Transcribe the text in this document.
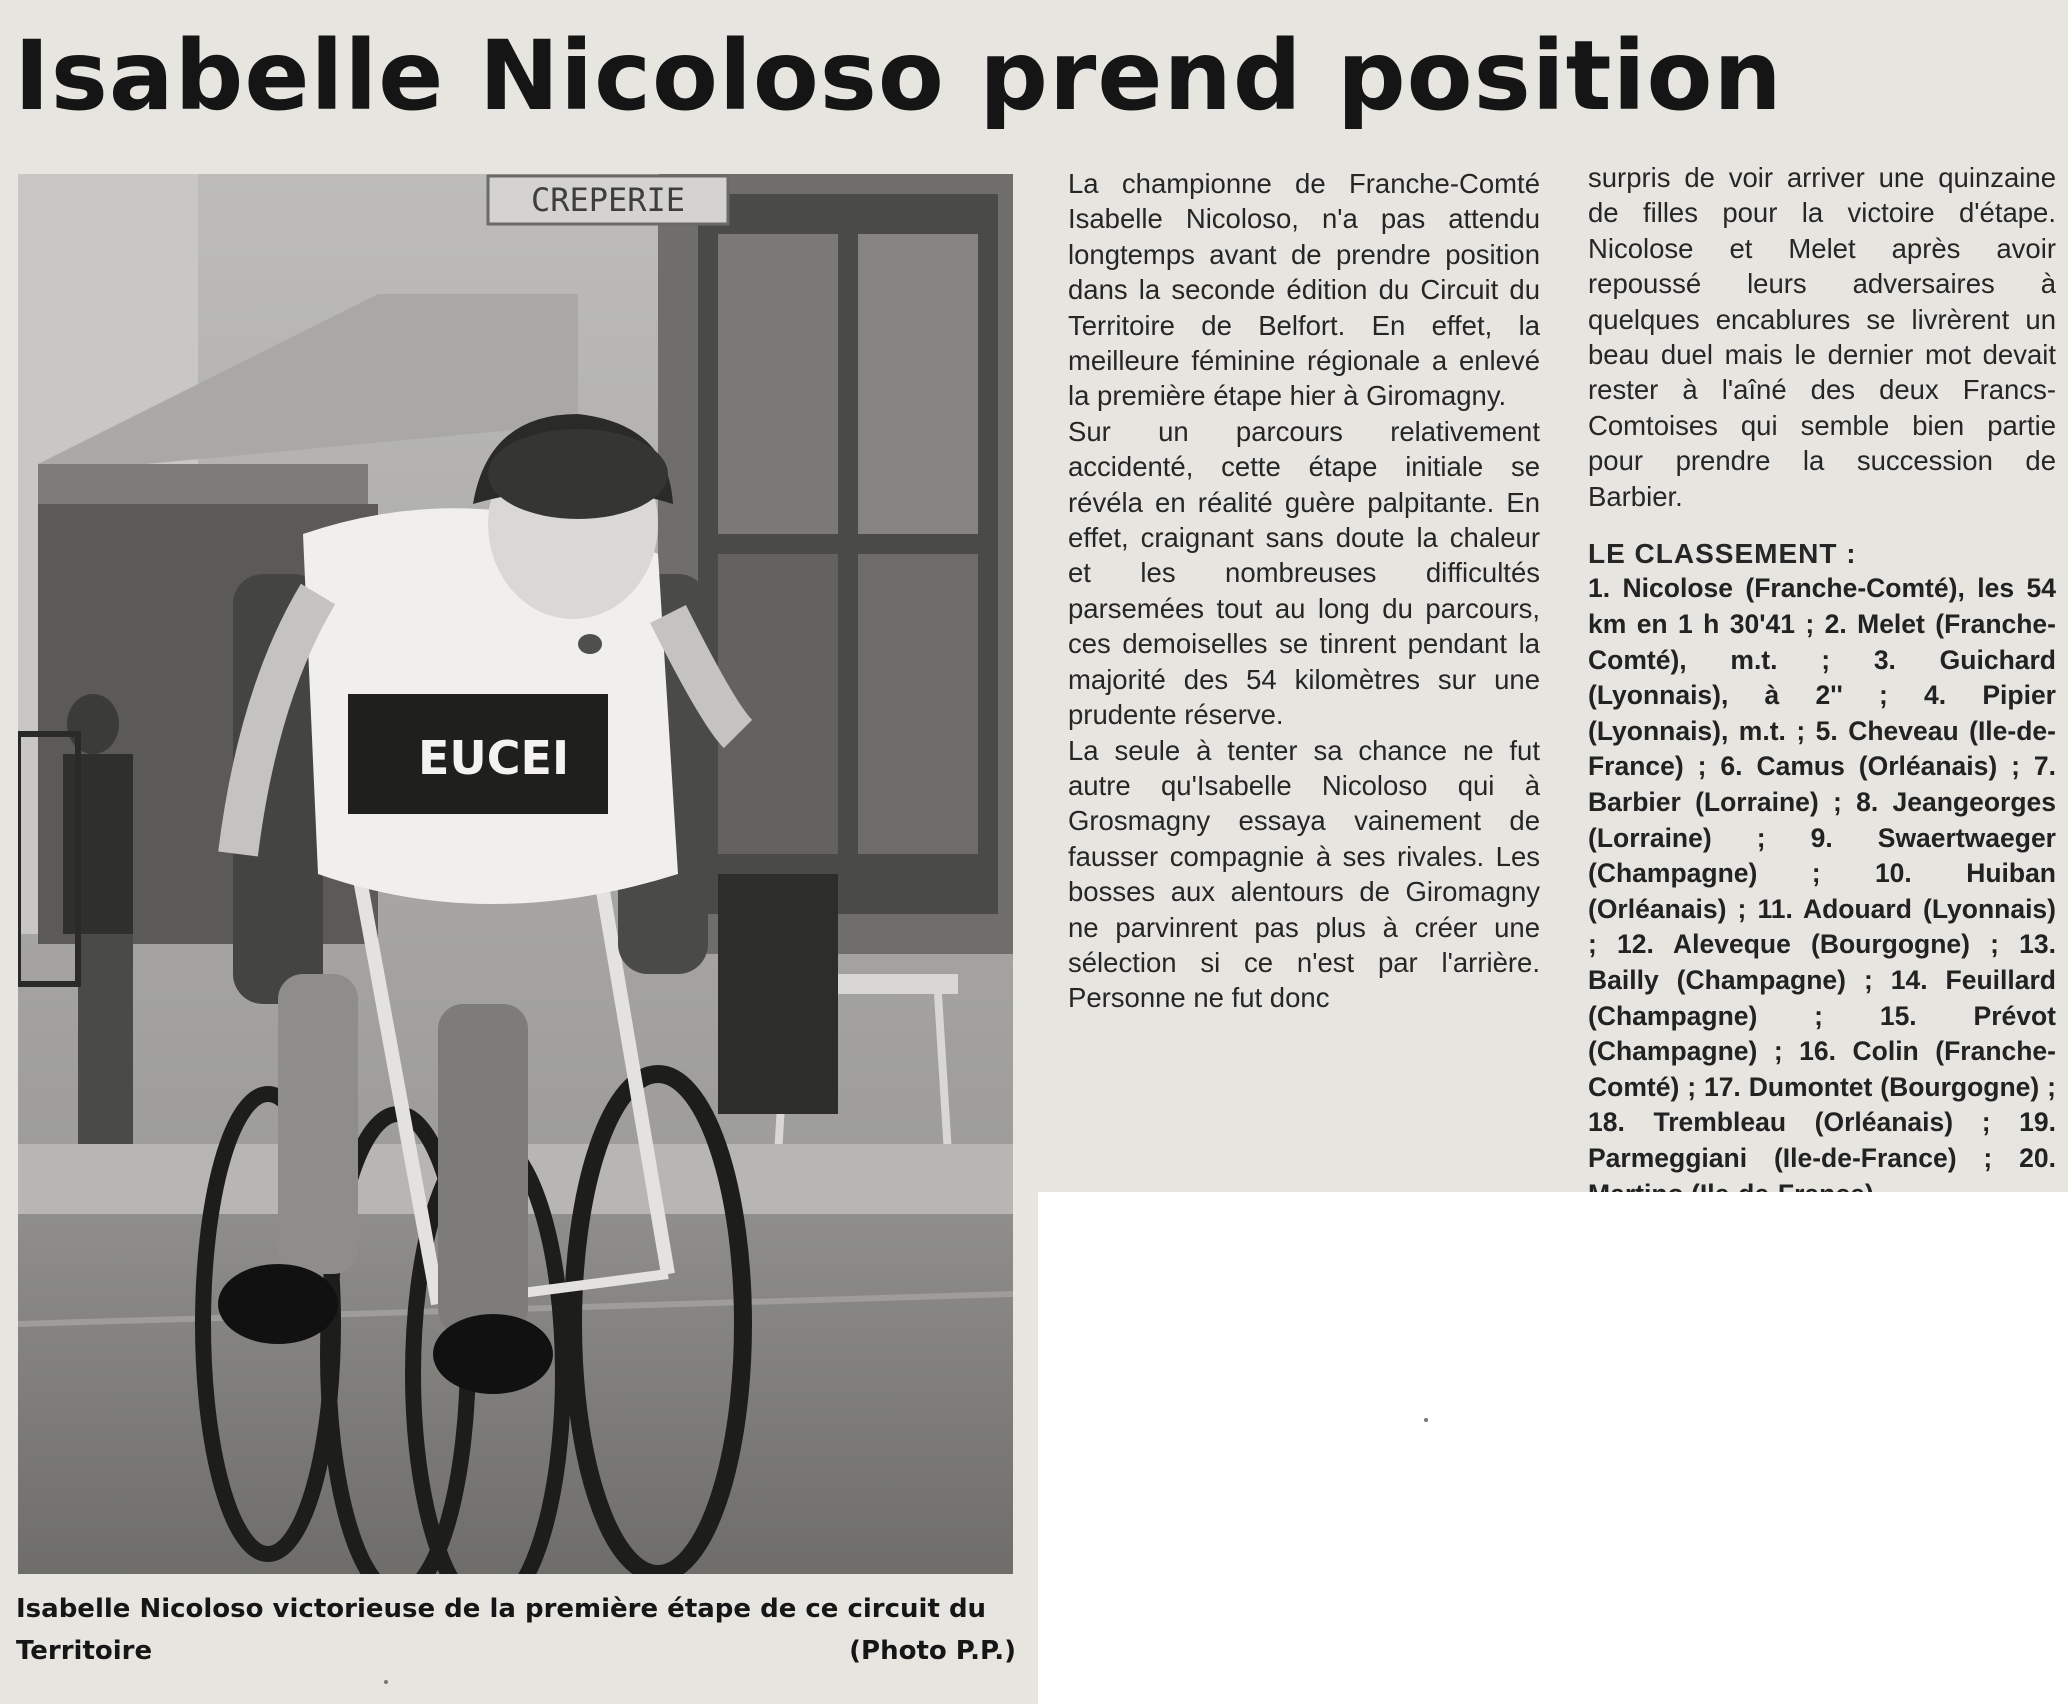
Isabelle Nicoloso prend position
CREPERIE
EUCEI
Isabelle Nicoloso victorieuse de la première étape de ce circuit du
Territoire	(Photo P.P.)

La championne de Franche-Comté Isabelle Nicoloso, n'a pas attendu longtemps avant de prendre position dans la seconde édition du Circuit du Territoire de Belfort. En effet, la meilleure féminine régionale a enlevé la première étape hier à Giromagny.

Sur un parcours relativement accidenté, cette étape initiale se révéla en réalité guère palpitante. En effet, craignant sans doute la chaleur et les nombreuses difficultés parsemées tout au long du parcours, ces demoiselles se tinrent pendant la majorité des 54 kilomètres sur une prudente réserve.

La seule à tenter sa chance ne fut autre qu'Isabelle Nicoloso qui à Grosmagny essaya vainement de fausser compagnie à ses rivales. Les bosses aux alentours de Giromagny ne parvinrent pas plus à créer une sélection si ce n'est par l'arrière. Personne ne fut donc

surpris de voir arriver une quinzaine de filles pour la victoire d'étape. Nicolose et Melet après avoir repoussé leurs adversaires à quelques encablures se livrèrent un beau duel mais le dernier mot devait rester à l'aîné des deux Francs-Comtoises qui semble bien partie pour prendre la succession de Barbier.

LE CLASSEMENT :

1. Nicolose (Franche-Comté), les 54 km en 1 h 30'41 ; 2. Melet (Franche-Comté), m.t. ; 3. Guichard (Lyonnais), à 2'' ; 4. Pipier (Lyonnais), m.t. ; 5. Cheveau (Ile-de-France) ; 6. Camus (Orléanais) ; 7. Barbier (Lorraine) ; 8. Jeangeorges (Lorraine) ; 9. Swaertwaeger (Champagne) ; 10. Huiban (Orléanais) ; 11. Adouard (Lyonnais) ; 12. Aleveque (Bourgogne) ; 13. Bailly (Champagne) ; 14. Feuillard (Champagne) ; 15. Prévot (Champagne) ; 16. Colin (Franche-Comté) ; 17. Dumontet (Bourgogne) ; 18. Trembleau (Orléanais) ; 19. Parmeggiani (Ile-de-France) ; 20.
